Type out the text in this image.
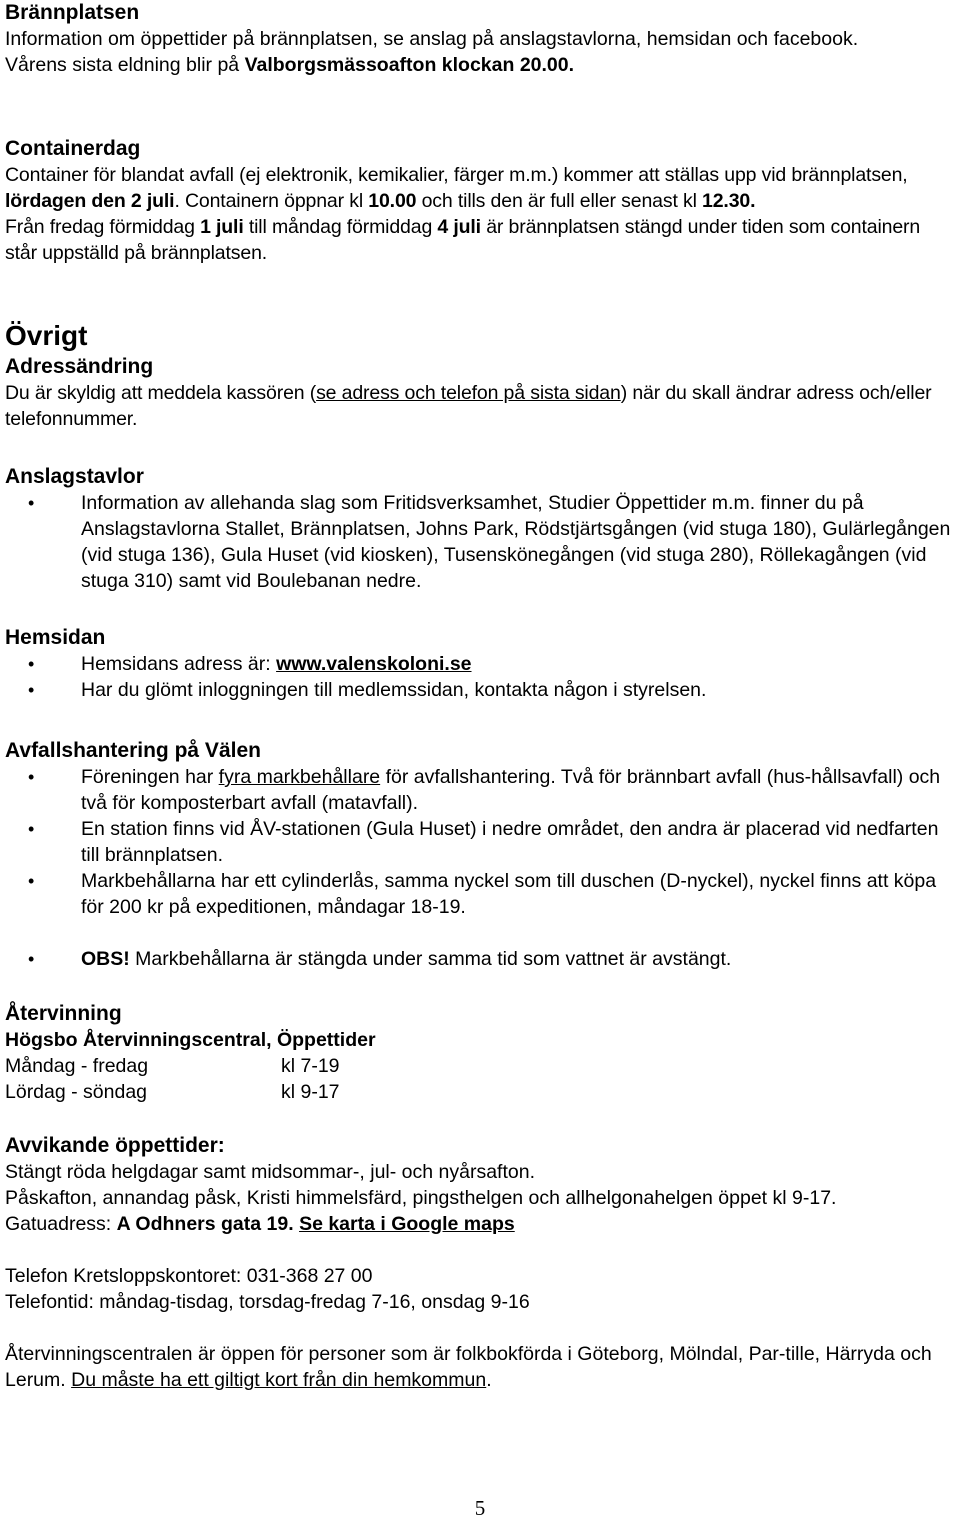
Brännplatsen

Information om öppettider på brännplatsen, se anslag på anslagstavlorna, hemsidan och facebook.

Vårens sista eldning blir på Valborgsmässoafton klockan 20.00.

Containerdag

Container för blandat avfall (ej elektronik, kemikalier, färger m.m.) kommer att ställas upp vid brännplatsen, lördagen den 2 juli. Containern öppnar kl 10.00 och tills den är full eller senast kl 12.30.

Från fredag förmiddag 1 juli till måndag förmiddag 4 juli är brännplatsen stängd under tiden som containern står uppställd på brännplatsen.

Övrigt
Adressändring

Du är skyldig att meddela kassören (se adress och telefon på sista sidan) när du skall ändrar adress och/eller telefonnummer.

Anslagstavlor
• Information av allehanda slag som Fritidsverksamhet, Studier Öppettider m.m. finner du på Anslagstavlorna Stallet, Brännplatsen, Johns Park, Rödstjärtsgången (vid stuga 180), Gulärlegången (vid stuga 136), Gula Huset (vid kiosken), Tusenskönegången (vid stuga 280), Röllekagången (vid stuga 310) samt vid Boulebanan nedre.
Hemsidan
• Hemsidans adress är: www.valenskoloni.se
• Har du glömt inloggningen till medlemssidan, kontakta någon i styrelsen.
Avfallshantering på Välen
• Föreningen har fyra markbehållare för avfallshantering. Två för brännbart avfall (hus-hållsavfall) och två för komposterbart avfall (matavfall).
• En station finns vid ÅV-stationen (Gula Huset) i nedre området, den andra är placerad vid nedfarten till brännplatsen.
• Markbehållarna har ett cylinderlås, samma nyckel som till duschen (D-nyckel), nyckel finns att köpa för 200 kr på expeditionen, måndagar 18-19.
• OBS! Markbehållarna är stängda under samma tid som vattnet är avstängt.
Återvinning

Högsbo Återvinningscentral, Öppettider

Måndag - fredag	kl 7-19
Lördag - söndag	kl 9-17
Avvikande öppettider:

Stängt röda helgdagar samt midsommar-, jul- och nyårsafton.

Påskafton, annandag påsk, Kristi himmelsfärd, pingsthelgen och allhelgonahelgen öppet kl 9-17.

Gatuadress: A Odhners gata 19. Se karta i Google maps

Telefon Kretsloppskontoret: 031-368 27 00

Telefontid: måndag-tisdag, torsdag-fredag 7-16, onsdag 9-16

Återvinningscentralen är öppen för personer som är folkbokförda i Göteborg, Mölndal, Par-tille, Härryda och Lerum. Du måste ha ett giltigt kort från din hemkommun.

5
